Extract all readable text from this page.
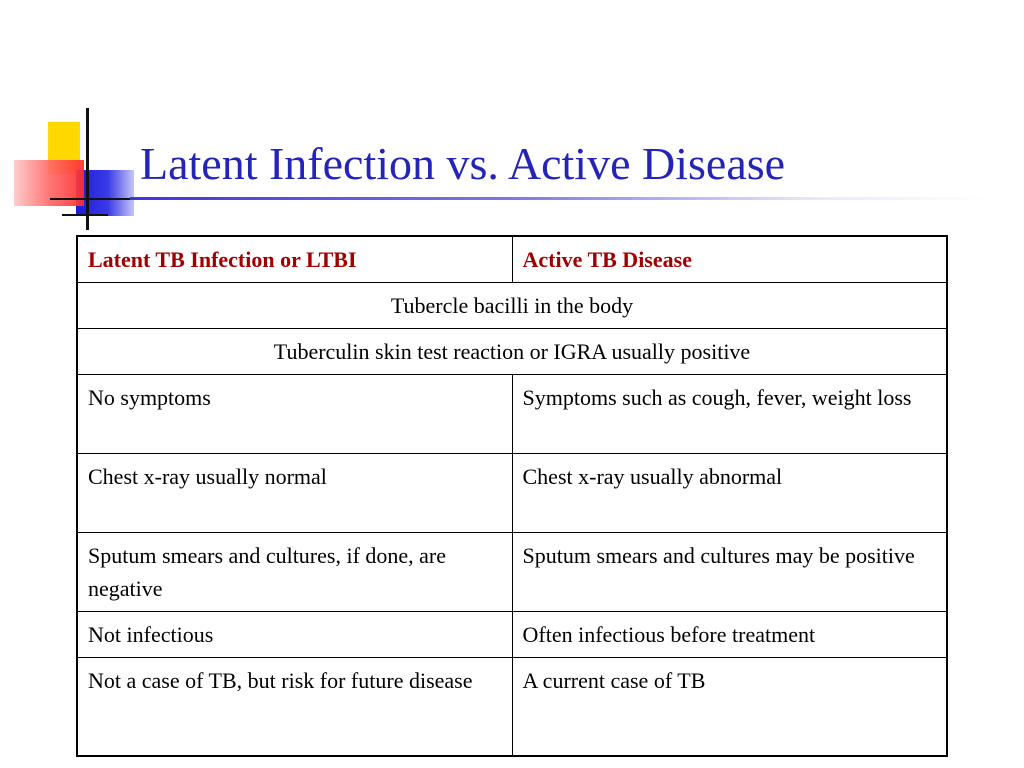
Latent Infection vs. Active Disease
Latent TB Infection or LTBI	Active TB Disease
Tubercle bacilli in the body	
Tuberculin skin test reaction or IGRA usually positive	
No symptoms	Symptoms such as cough, fever, weight loss
Chest x-ray usually normal	Chest x-ray usually abnormal
Sputum smears and cultures, if done, are negative	Sputum smears and cultures may be positive
Not infectious	Often infectious before treatment
Not a case of TB, but risk for future disease	A current case of TB
